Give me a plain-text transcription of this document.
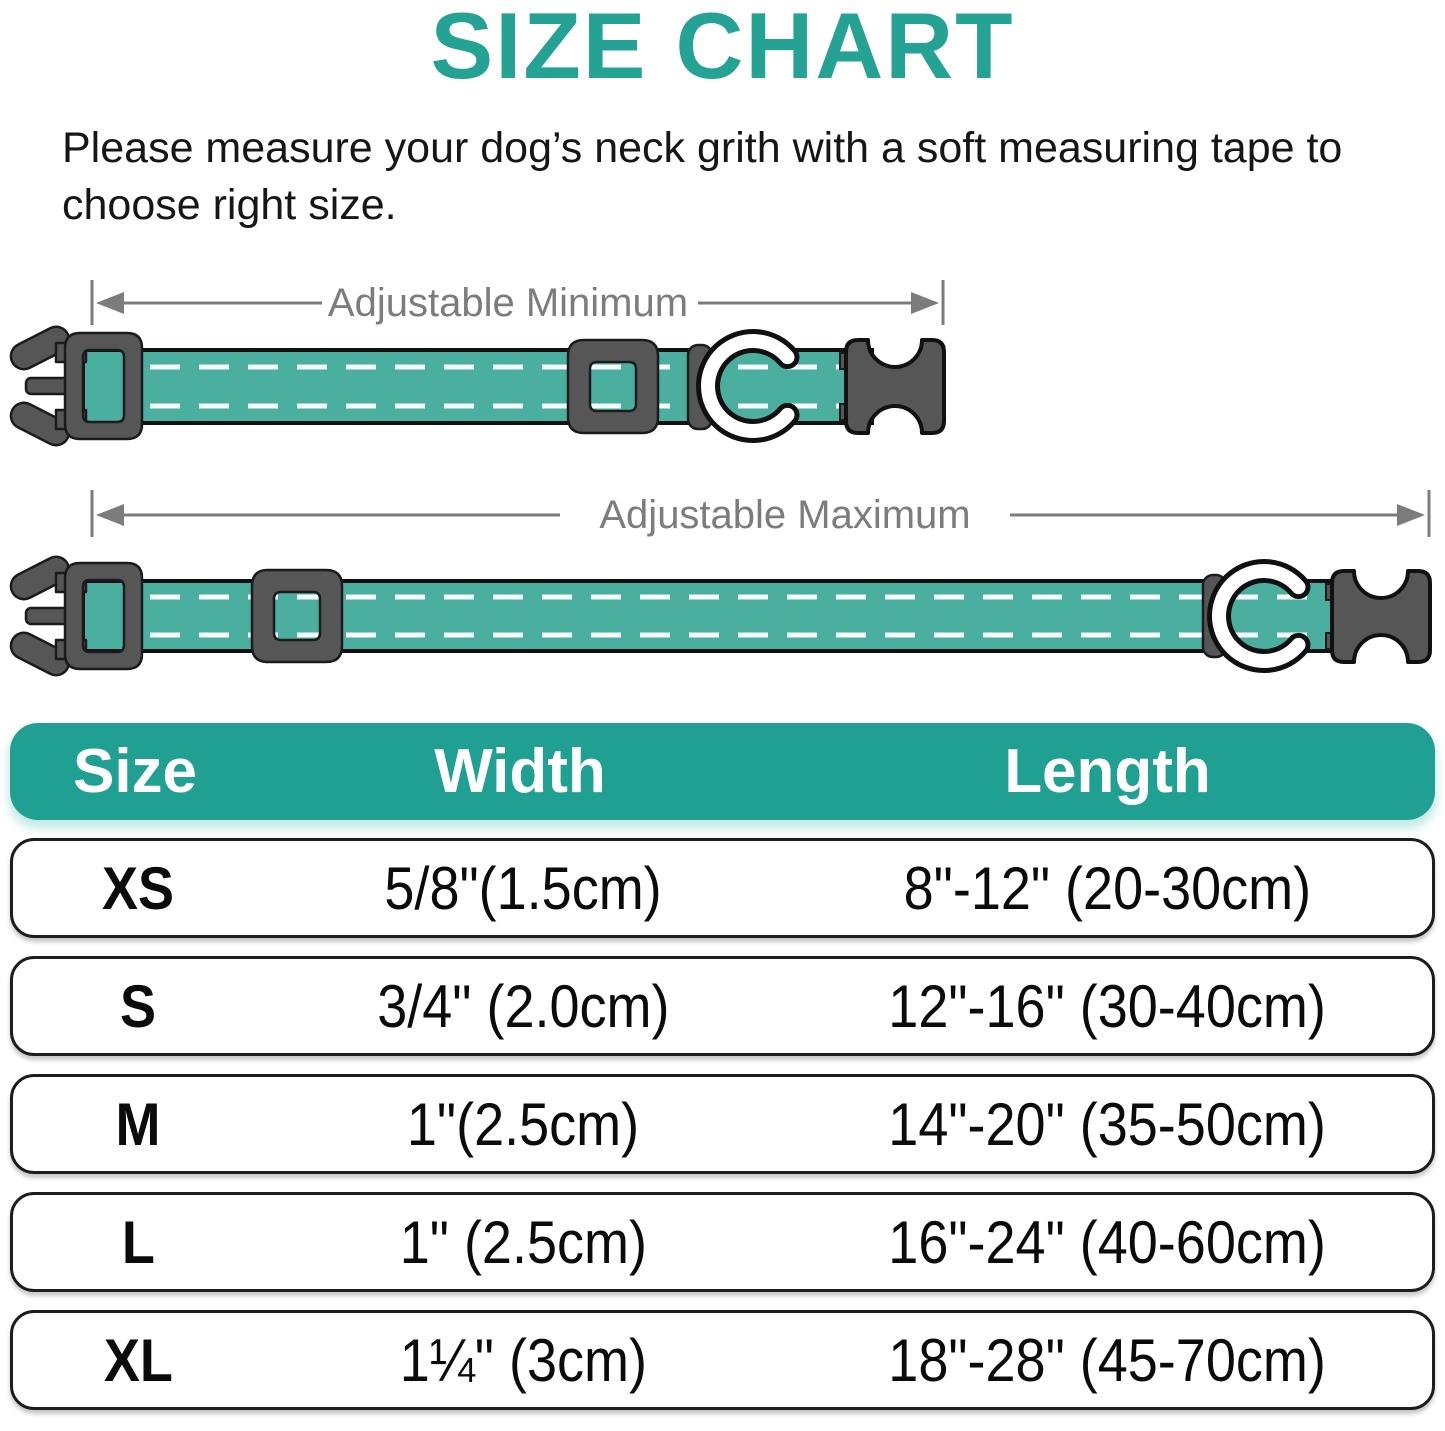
SIZE CHART
Please measure your dog’s neck grith with a soft measuring tape to choose right size.
Adjustable Minimum
Adjustable Maximum
Size	Width	Length
XS	5/8"(1.5cm)	8"-12" (20-30cm)
S	3/4" (2.0cm)	12"-16" (30-40cm)
M	1"(2.5cm)	14"-20" (35-50cm)
L	1" (2.5cm)	16"-24" (40-60cm)
XL	1¼" (3cm)	18"-28" (45-70cm)
